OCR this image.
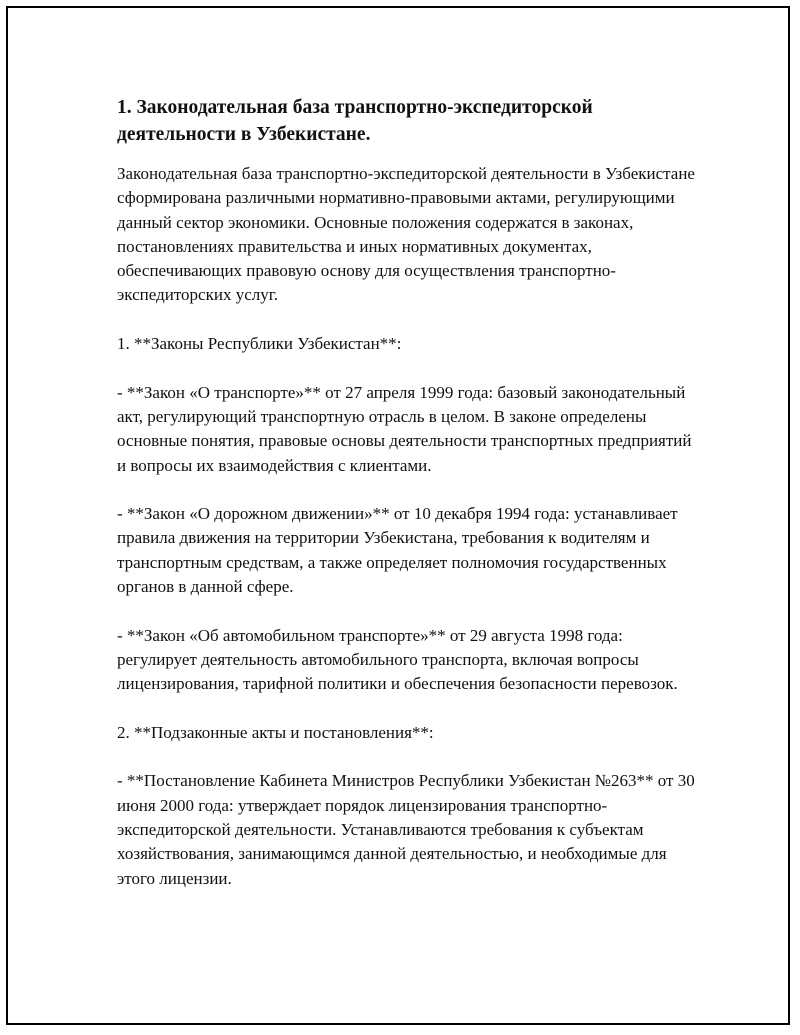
1. Законодательная база транспортно-экспедиторской деятельности в Узбекистане.

Законодательная база транспортно-экспедиторской деятельности в Узбекистане сформирована различными нормативно-правовыми актами, регулирующими данный сектор экономики. Основные положения содержатся в законах, постановлениях правительства и иных нормативных документах, обеспечивающих правовую основу для осуществления транспортно-экспедиторских услуг.

1. **Законы Республики Узбекистан**:

- **Закон «О транспорте»** от 27 апреля 1999 года: базовый законодательный акт, регулирующий транспортную отрасль в целом. В законе определены основные понятия, правовые основы деятельности транспортных предприятий и вопросы их взаимодействия с клиентами.

- **Закон «О дорожном движении»** от 10 декабря 1994 года: устанавливает правила движения на территории Узбекистана, требования к водителям и транспортным средствам, а также определяет полномочия государственных органов в данной сфере.

- **Закон «Об автомобильном транспорте»** от 29 августа 1998 года: регулирует деятельность автомобильного транспорта, включая вопросы лицензирования, тарифной политики и обеспечения безопасности перевозок.

2. **Подзаконные акты и постановления**:

- **Постановление Кабинета Министров Республики Узбекистан №263** от 30 июня 2000 года: утверждает порядок лицензирования транспортно-экспедиторской деятельности. Устанавливаются требования к субъектам хозяйствования, занимающимся данной деятельностью, и необходимые для этого лицензии.
